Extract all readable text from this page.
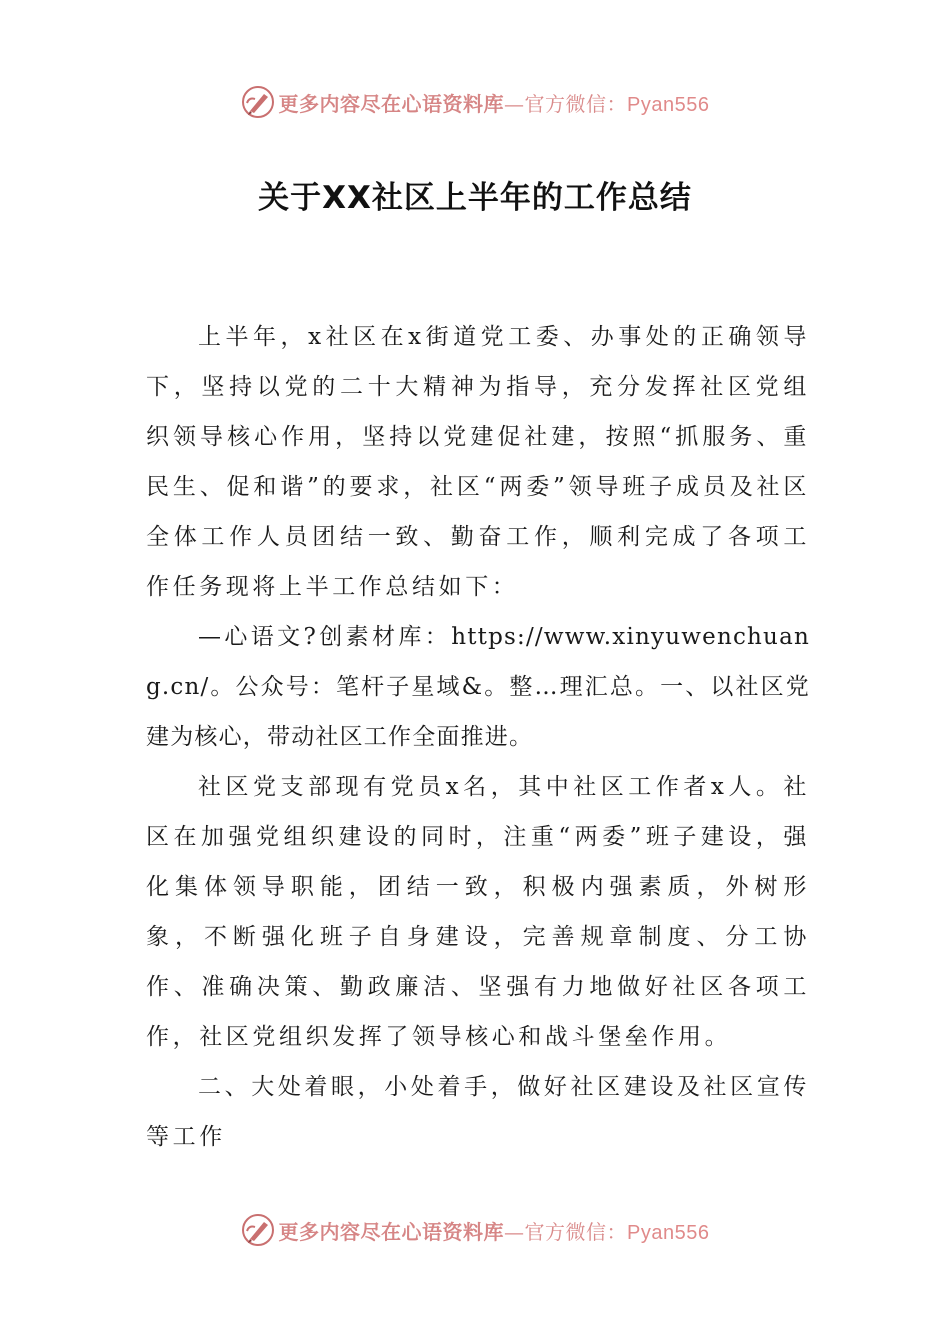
更多内容尽在心语资料库—官方微信：Pyan556
关于XX社区上半年的工作总结

上半年，x社区在x街道党工委、办事处的正确领导下，坚持以党的二十大精神为指导，充分发挥社区党组织领导核心作用，坚持以党建促社建，按照“抓服务、重民生、促和谐”的要求，社区“两委”领导班子成员及社区全体工作人员团结一致、勤奋工作，顺利完成了各项工作任务现将上半工作总结如下：

—心语文?创素材库：https://www.xinyuwenchuang.cn/。公众号：笔杆子星域&。整…理汇总。一、以社区党建为核心，带动社区工作全面推进。

社区党支部现有党员x名，其中社区工作者x人。社区在加强党组织建设的同时，注重“两委”班子建设，强化集体领导职能，团结一致，积极内强素质，外树形象，不断强化班子自身建设，完善规章制度、分工协作、准确决策、勤政廉洁、坚强有力地做好社区各项工作，社区党组织发挥了领导核心和战斗堡垒作用。

二、大处着眼，小处着手，做好社区建设及社区宣传等工作

更多内容尽在心语资料库—官方微信：Pyan556
